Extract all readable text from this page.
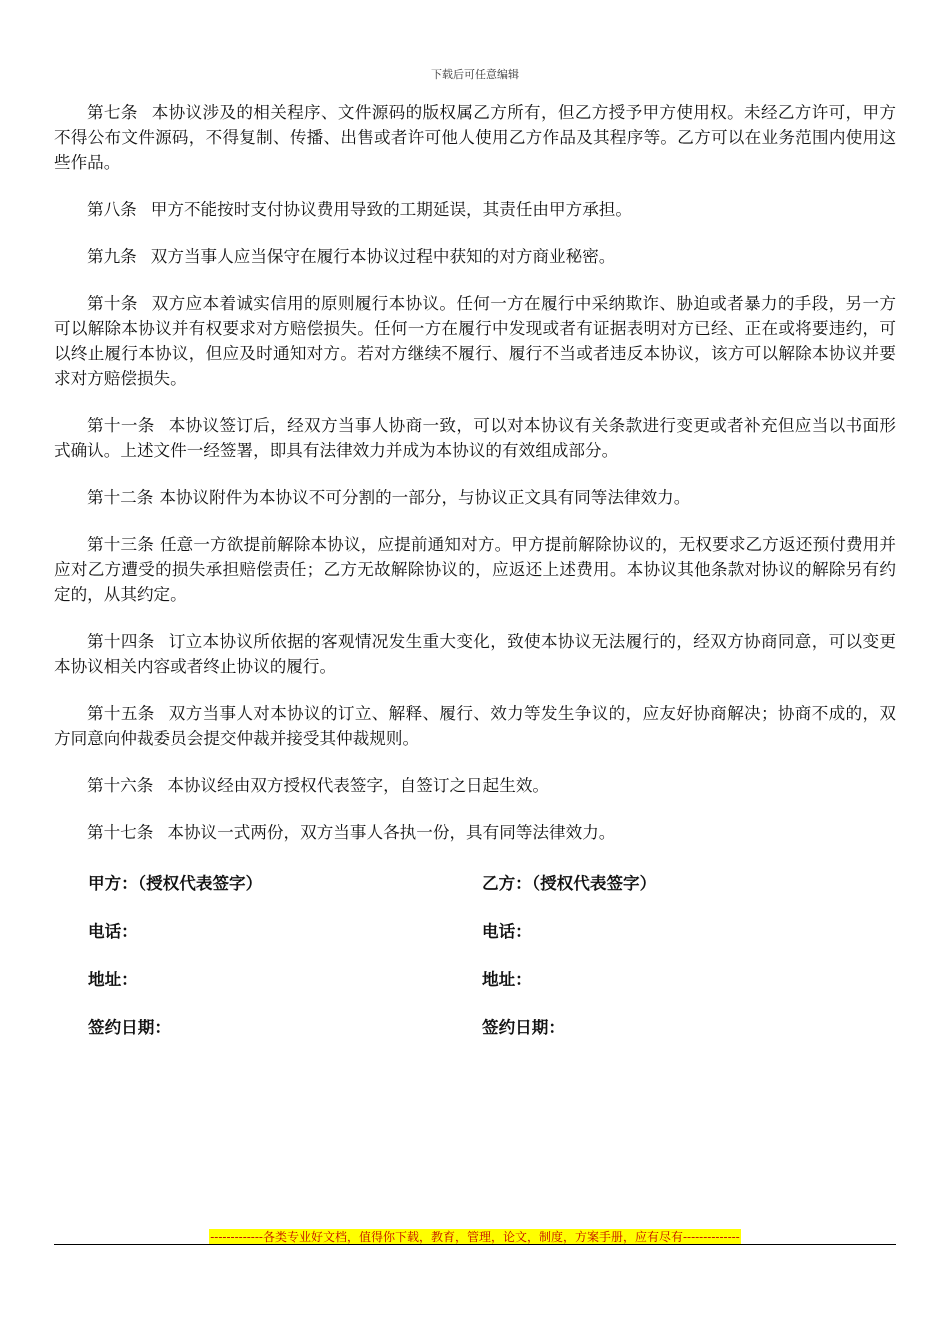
下载后可任意编辑

第七条 本协议涉及的相关程序、文件源码的版权属乙方所有，但乙方授予甲方使用权。未经乙方许可，甲方不得公布文件源码，不得复制、传播、出售或者许可他人使用乙方作品及其程序等。乙方可以在业务范围内使用这些作品。

第八条 甲方不能按时支付协议费用导致的工期延误，其责任由甲方承担。

第九条 双方当事人应当保守在履行本协议过程中获知的对方商业秘密。

第十条 双方应本着诚实信用的原则履行本协议。任何一方在履行中采纳欺诈、胁迫或者暴力的手段，另一方可以解除本协议并有权要求对方赔偿损失。任何一方在履行中发现或者有证据表明对方已经、正在或将要违约，可以终止履行本协议，但应及时通知对方。若对方继续不履行、履行不当或者违反本协议，该方可以解除本协议并要求对方赔偿损失。

第十一条 本协议签订后，经双方当事人协商一致，可以对本协议有关条款进行变更或者补充但应当以书面形式确认。上述文件一经签署，即具有法律效力并成为本协议的有效组成部分。

第十二条 本协议附件为本协议不可分割的一部分，与协议正文具有同等法律效力。

第十三条 任意一方欲提前解除本协议，应提前通知对方。甲方提前解除协议的，无权要求乙方返还预付费用并应对乙方遭受的损失承担赔偿责任；乙方无故解除协议的，应返还上述费用。本协议其他条款对协议的解除另有约定的，从其约定。

第十四条 订立本协议所依据的客观情况发生重大变化，致使本协议无法履行的，经双方协商同意，可以变更本协议相关内容或者终止协议的履行。

第十五条 双方当事人对本协议的订立、解释、履行、效力等发生争议的，应友好协商解决；协商不成的，双方同意向仲裁委员会提交仲裁并接受其仲裁规则。

第十六条 本协议经由双方授权代表签字，自签订之日起生效。

第十七条 本协议一式两份，双方当事人各执一份，具有同等法律效力。

甲方：（授权代表签字）	乙方：（授权代表签字）
电话：	电话：
地址：	地址：
签约日期：	签约日期：
-------------各类专业好文档，值得你下载，教育，管理，论文，制度，方案手册，应有尽有--------------
